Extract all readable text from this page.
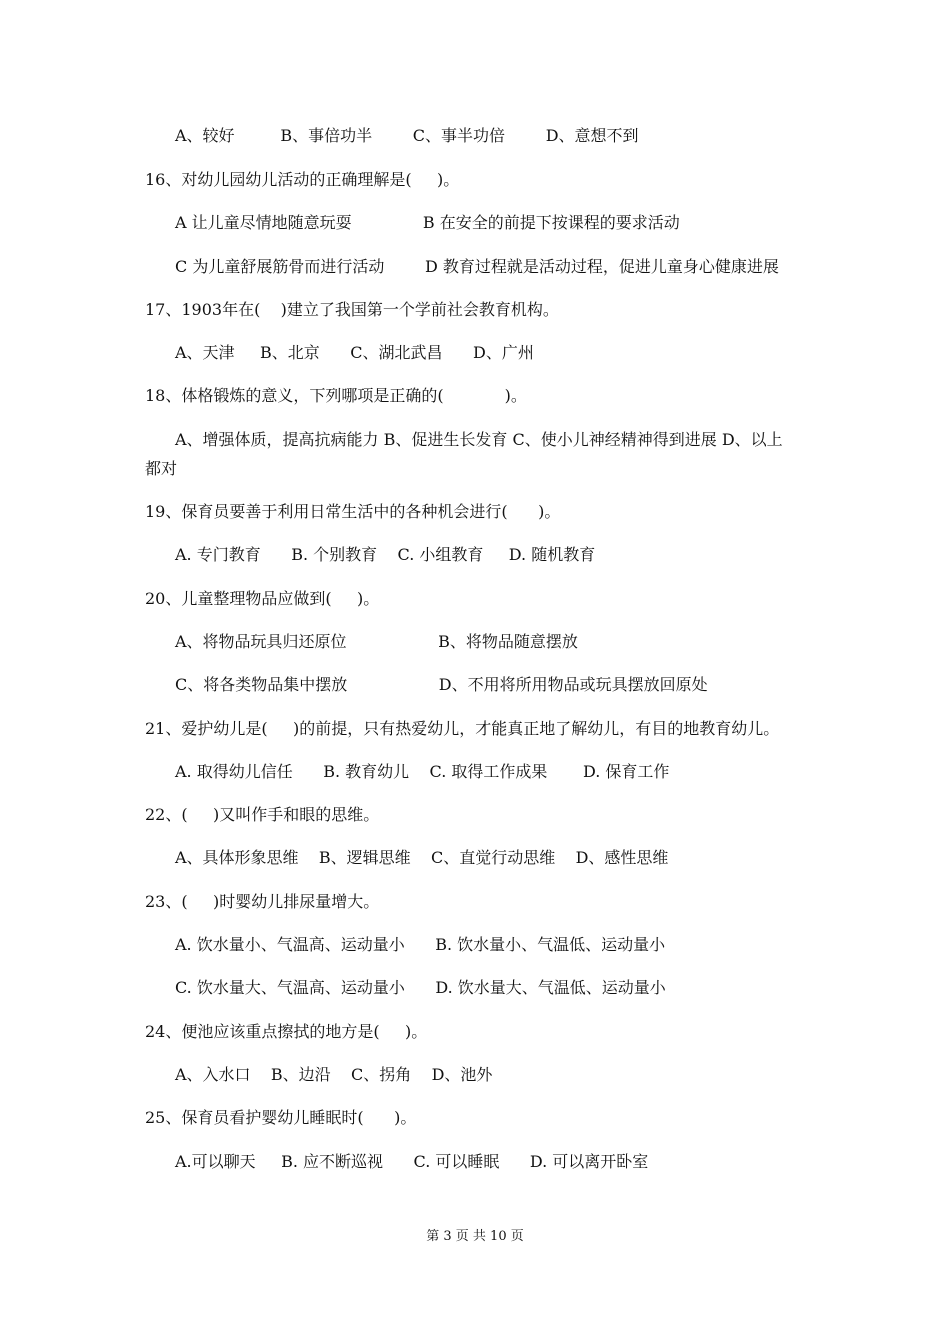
A、较好         B、事倍功半        C、事半功倍        D、意想不到
16、对幼儿园幼儿活动的正确理解是(     )。
A 让儿童尽情地随意玩耍              B 在安全的前提下按课程的要求活动
C 为儿童舒展筋骨而进行活动        D 教育过程就是活动过程，促进儿童身心健康进展
17、1903年在(    )建立了我国第一个学前社会教育机构。
A、天津     B、北京      C、湖北武昌      D、广州
18、体格锻炼的意义，下列哪项是正确的(            )。
A、增强体质，提高抗病能力 B、促进生长发育 C、使小儿神经精神得到进展 D、以上
都对
19、保育员要善于利用日常生活中的各种机会进行(      )。
A. 专门教育      B. 个别教育    C. 小组教育     D. 随机教育
20、儿童整理物品应做到(     )。
A、将物品玩具归还原位                  B、将物品随意摆放
C、将各类物品集中摆放                  D、不用将所用物品或玩具摆放回原处
21、爱护幼儿是(     )的前提，只有热爱幼儿，才能真正地了解幼儿，有目的地教育幼儿。
A. 取得幼儿信任      B. 教育幼儿    C. 取得工作成果       D. 保育工作
22、(     )又叫作手和眼的思维。
A、具体形象思维    B、逻辑思维    C、直觉行动思维    D、感性思维
23、(     )时婴幼儿排尿量增大。
A. 饮水量小、气温高、运动量小      B. 饮水量小、气温低、运动量小
C. 饮水量大、气温高、运动量小      D. 饮水量大、气温低、运动量小
24、便池应该重点擦拭的地方是(     )。
A、入水口    B、边沿    C、拐角    D、池外
25、保育员看护婴幼儿睡眠时(      )。
A.可以聊天     B. 应不断巡视      C. 可以睡眠      D. 可以离开卧室
第 3 页 共 10 页
